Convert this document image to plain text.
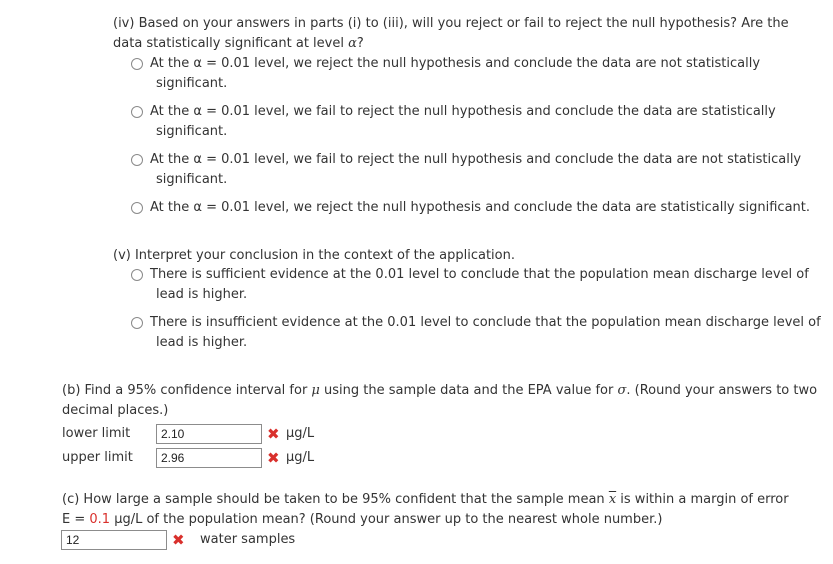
(iv) Based on your answers in parts (i) to (iii), will you reject or fail to reject the null hypothesis? Are the
data statistically significant at level α?
At the α = 0.01 level, we reject the null hypothesis and conclude the data are not statistically
significant.
At the α = 0.01 level, we fail to reject the null hypothesis and conclude the data are statistically
significant.
At the α = 0.01 level, we fail to reject the null hypothesis and conclude the data are not statistically
significant.
At the α = 0.01 level, we reject the null hypothesis and conclude the data are statistically significant.
(v) Interpret your conclusion in the context of the application.
There is sufficient evidence at the 0.01 level to conclude that the population mean discharge level of
lead is higher.
There is insufficient evidence at the 0.01 level to conclude that the population mean discharge level of
lead is higher.
(b) Find a 95% confidence interval for μ using the sample data and the EPA value for σ. (Round your answers to two
decimal places.)
lower limit	2.10	✖ µg/L
upper limit	2.96	✖ µg/L
(c) How large a sample should be taken to be 95% confident that the sample mean $\overline{x}$ is within a margin of error
E = 0.1 µg/L of the population mean? (Round your answer up to the nearest whole number.)
12	✖ water samples
